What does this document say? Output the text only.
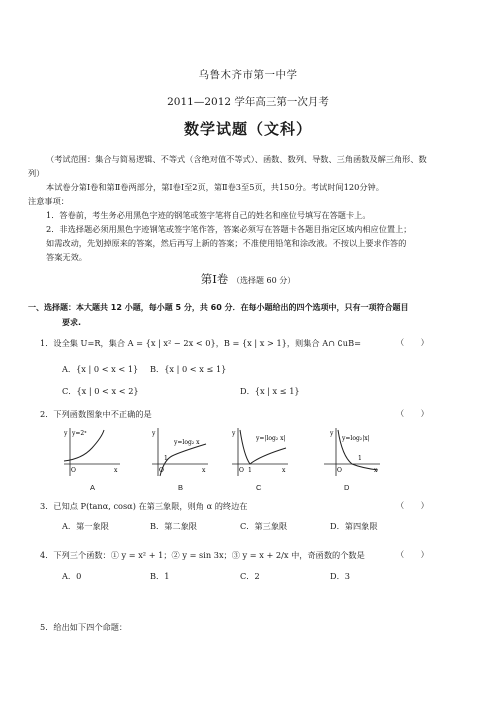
乌鲁木齐市第一中学
2011—2012 学年高三第一次月考
数学试题（文科）
（考试范围：集合与简易逻辑、不等式（含绝对值不等式）、函数、数列、导数、三角函数及解三角形、数
列）
本试卷分第Ⅰ卷和第Ⅱ卷两部分，第Ⅰ卷Ⅰ至2页，第Ⅱ卷3至5页，共150分。考试时间120分钟。
注意事项：
1．答卷前，考生务必用黑色字迹的钢笔或签字笔将自己的姓名和座位号填写在答题卡上。
2．非选择题必须用黑色字迹钢笔或签字笔作答，答案必须写在答题卡各题目指定区域内相应位置上；
如需改动，先划掉原来的答案，然后再写上新的答案；不准使用铅笔和涂改液。不按以上要求作答的
答案无效。
第Ⅰ卷 （选择题 60 分）
一、选择题：本大题共 12 小题，每小题 5 分，共 60 分．在每小题给出的四个选项中，只有一项符合题目
要求.
1．设全集 U=R，集合 A = {x | x² − 2x < 0}，B = {x | x > 1}，则集合 A∩ ∁uB=	（　　）
A．{x | 0 < x < 1} B．{x | 0 < x ≤ 1}
C．{x | 0 < x < 2}	D．{x | x ≤ 1}
2．下列函数图象中不正确的是	（　　）
y=2ˣ
O	x
y
A
y=log₂ x
O
1
x
y
B
y=|log₂ x|
O 1	x
y
C
y=log₂|x|
O
1
x
y
D
3．已知点 P(tanα, cosα) 在第三象限，则角 α 的终边在	（　　）
A．第一象限	B．第二象限	C．第三象限	D．第四象限
4．下列三个函数：① y = x² + 1；② y = sin 3x；③ y = x + 2/x 中，奇函数的个数是	（　　）
A．0	B．1	C．2	D．3
5．给出如下四个命题：
